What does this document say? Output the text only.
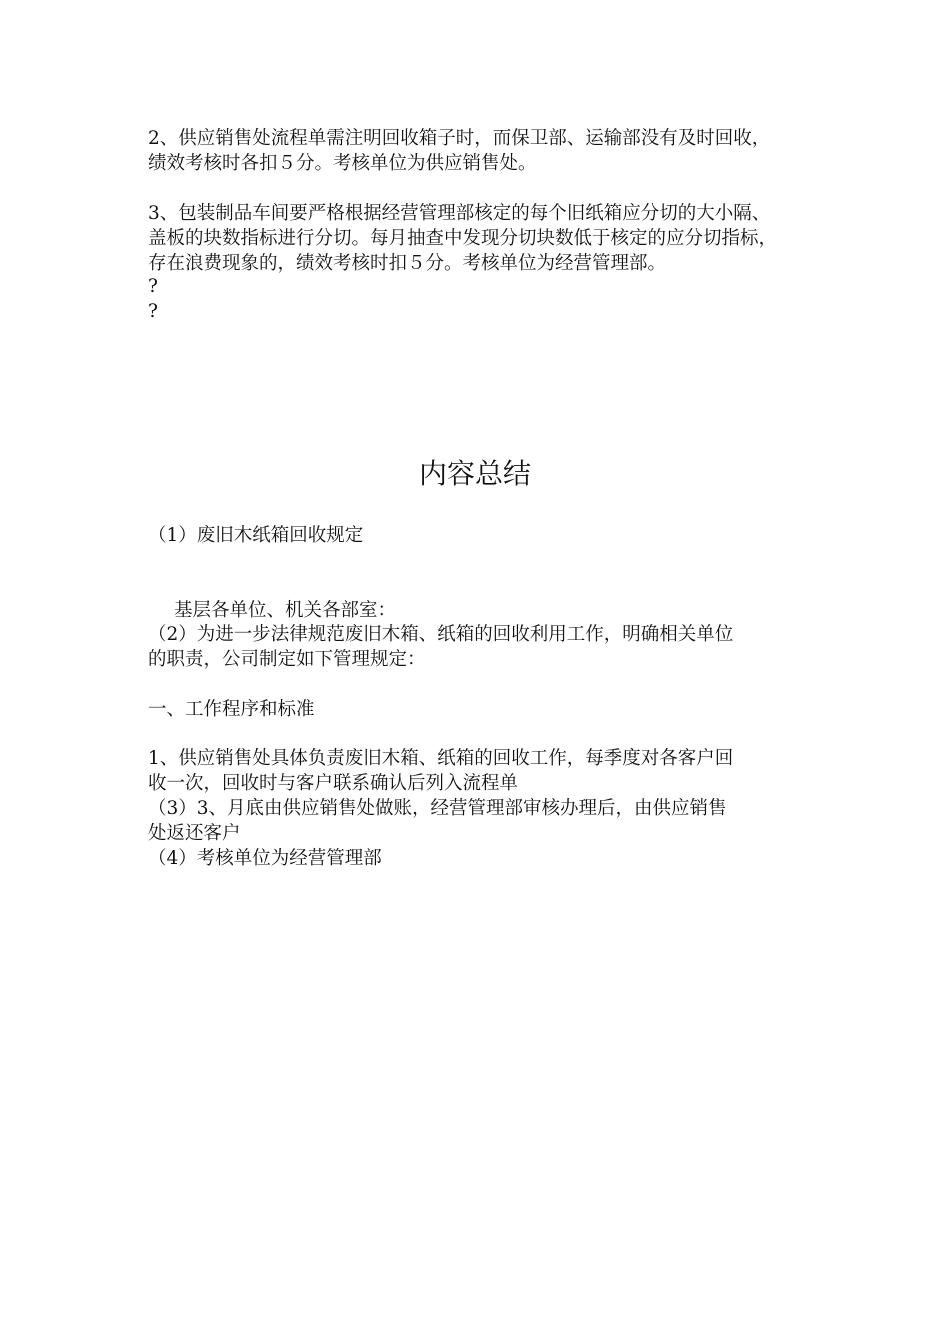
2、供应销售处流程单需注明回收箱子时，而保卫部、运输部没有及时回收，
绩效考核时各扣５分。考核单位为供应销售处。

3、包装制品车间要严格根据经营管理部核定的每个旧纸箱应分切的大小隔、
盖板的块数指标进行分切。每月抽查中发现分切块数低于核定的应分切指标，
存在浪费现象的，绩效考核时扣５分。考核单位为经营管理部。

?
?

内容总结

（1）废旧木纸箱回收规定

基层各单位、机关各部室：

（2）为进一步法律规范废旧木箱、纸箱的回收利用工作，明确相关单位
的职责，公司制定如下管理规定：

一、工作程序和标准

1、供应销售处具体负责废旧木箱、纸箱的回收工作，每季度对各客户回
收一次，回收时与客户联系确认后列入流程单

（3）3、月底由供应销售处做账，经营管理部审核办理后，由供应销售
处返还客户

（4）考核单位为经营管理部
